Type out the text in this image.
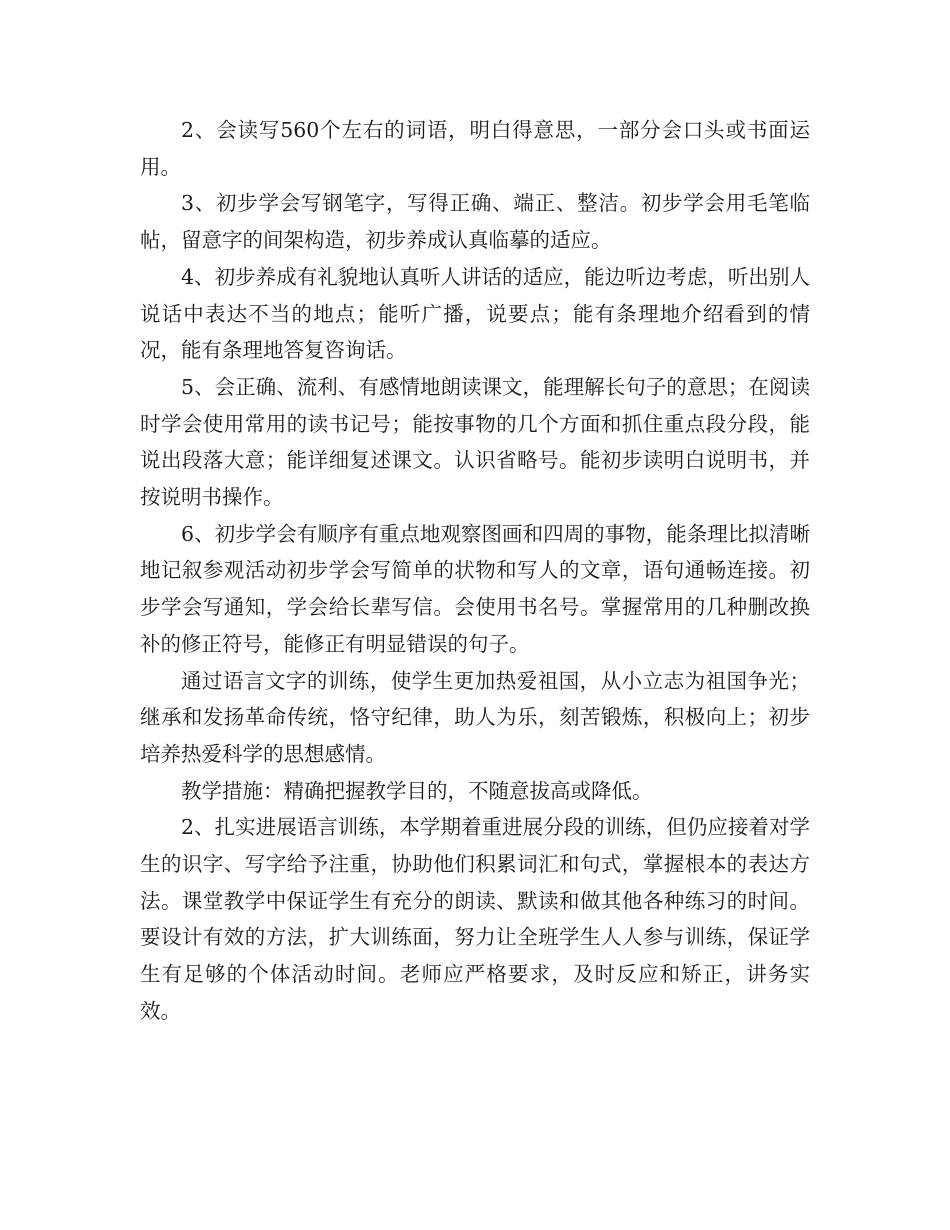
2、会读写560个左右的词语，明白得意思，一部分会口头或书面运用。

3、初步学会写钢笔字，写得正确、端正、整洁。初步学会用毛笔临帖，留意字的间架构造，初步养成认真临摹的适应。

4、初步养成有礼貌地认真听人讲话的适应，能边听边考虑，听出别人说话中表达不当的地点；能听广播，说要点；能有条理地介绍看到的情况，能有条理地答复咨询话。

5、会正确、流利、有感情地朗读课文，能理解长句子的意思；在阅读时学会使用常用的读书记号；能按事物的几个方面和抓住重点段分段，能说出段落大意；能详细复述课文。认识省略号。能初步读明白说明书，并按说明书操作。

6、初步学会有顺序有重点地观察图画和四周的事物，能条理比拟清晰地记叙参观活动初步学会写简单的状物和写人的文章，语句通畅连接。初步学会写通知，学会给长辈写信。会使用书名号。掌握常用的几种删改换补的修正符号，能修正有明显错误的句子。

通过语言文字的训练，使学生更加热爱祖国，从小立志为祖国争光；继承和发扬革命传统，恪守纪律，助人为乐，刻苦锻炼，积极向上；初步培养热爱科学的思想感情。

教学措施：精确把握教学目的，不随意拔高或降低。

2、扎实进展语言训练，本学期着重进展分段的训练，但仍应接着对学生的识字、写字给予注重，协助他们积累词汇和句式，掌握根本的表达方法。课堂教学中保证学生有充分的朗读、默读和做其他各种练习的时间。要设计有效的方法，扩大训练面，努力让全班学生人人参与训练，保证学生有足够的个体活动时间。老师应严格要求，及时反应和矫正，讲务实效。
